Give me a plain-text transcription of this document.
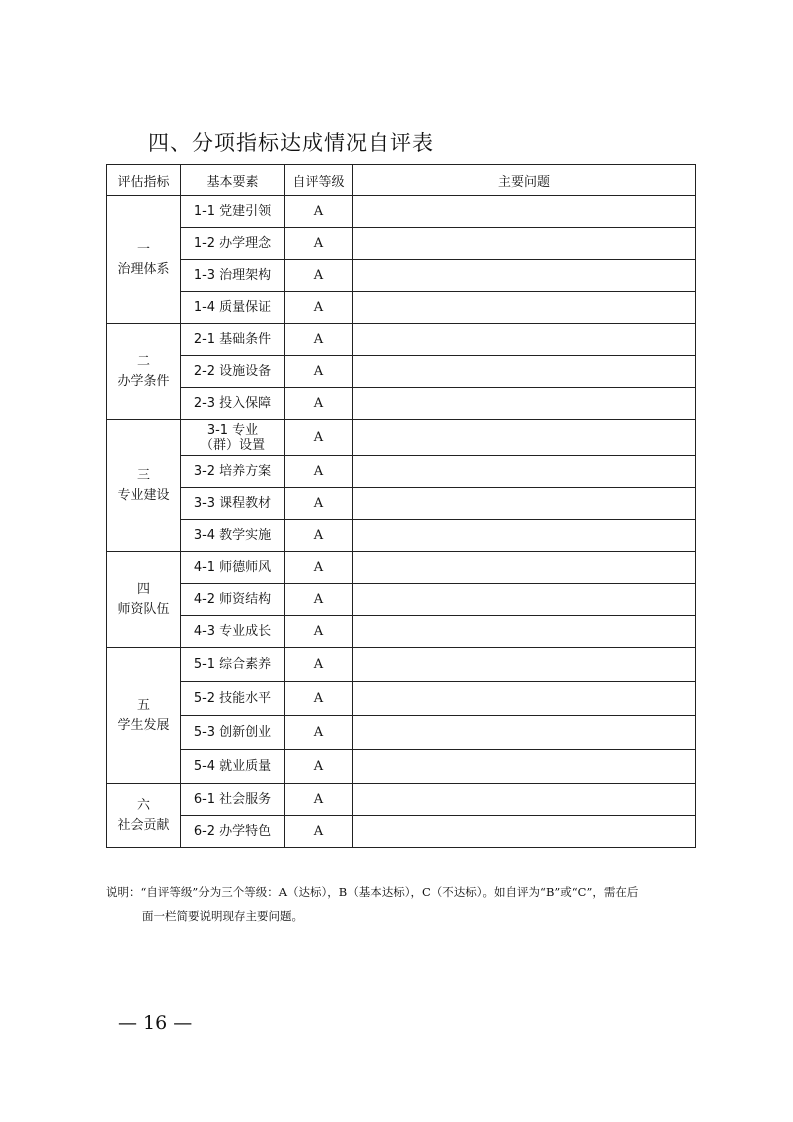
四、分项指标达成情况自评表
评估指标	基本要素	自评等级	主要问题

一
治理体系	1-1 党建引领	A	
	1-2 办学理念	A	
	1-3 治理架构	A	
	1-4 质量保证	A	

二
办学条件	2-1 基础条件	A	
	2-2 设施设备	A	
	2-3 投入保障	A	

三
专业建设	3-1 专业（群）设置	A	
	3-2 培养方案	A	
	3-3 课程教材	A	
	3-4 教学实施	A	

四
师资队伍	4-1 师德师风	A	
	4-2 师资结构	A	
	4-3 专业成长	A	

五
学生发展	5-1 综合素养	A	
	5-2 技能水平	A	
	5-3 创新创业	A	
	5-4 就业质量	A	

六
社会贡献	6-1 社会服务	A	
	6-2 办学特色	A	
说明：“自评等级”分为三个等级：A（达标），B（基本达标），C（不达标）。如自评为“B”或“C”，需在后
面一栏简要说明现存主要问题。
— 16 —
